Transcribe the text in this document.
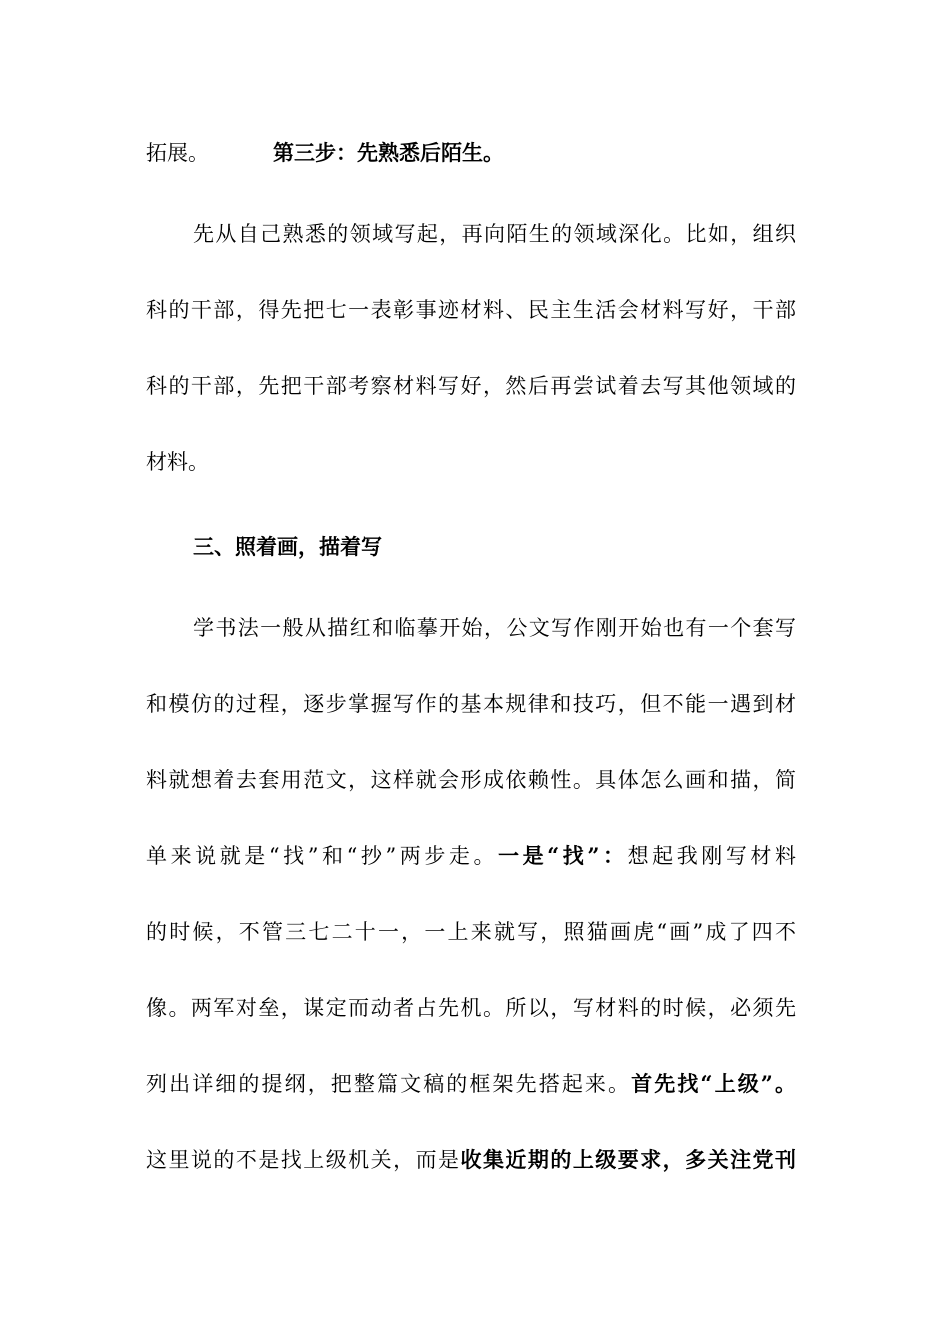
拓展。	第三步：先熟悉后陌生。
先从自己熟悉的领域写起，再向陌生的领域深化。比如，组织
科的干部，得先把七一表彰事迹材料、民主生活会材料写好，干部
科的干部，先把干部考察材料写好，然后再尝试着去写其他领域的
材料。
三、照着画，描着写
学书法一般从描红和临摹开始，公文写作刚开始也有一个套写
和模仿的过程，逐步掌握写作的基本规律和技巧，但不能一遇到材
料就想着去套用范文，这样就会形成依赖性。具体怎么画和描，简
单来说就是“找”和“抄”两步走。一是“找”：想起我刚写材料
的时候，不管三七二十一，一上来就写，照猫画虎“画”成了四不
像。两军对垒，谋定而动者占先机。所以，写材料的时候，必须先
列出详细的提纲，把整篇文稿的框架先搭起来。首先找“上级”。
这里说的不是找上级机关，而是收集近期的上级要求，多关注党刊
